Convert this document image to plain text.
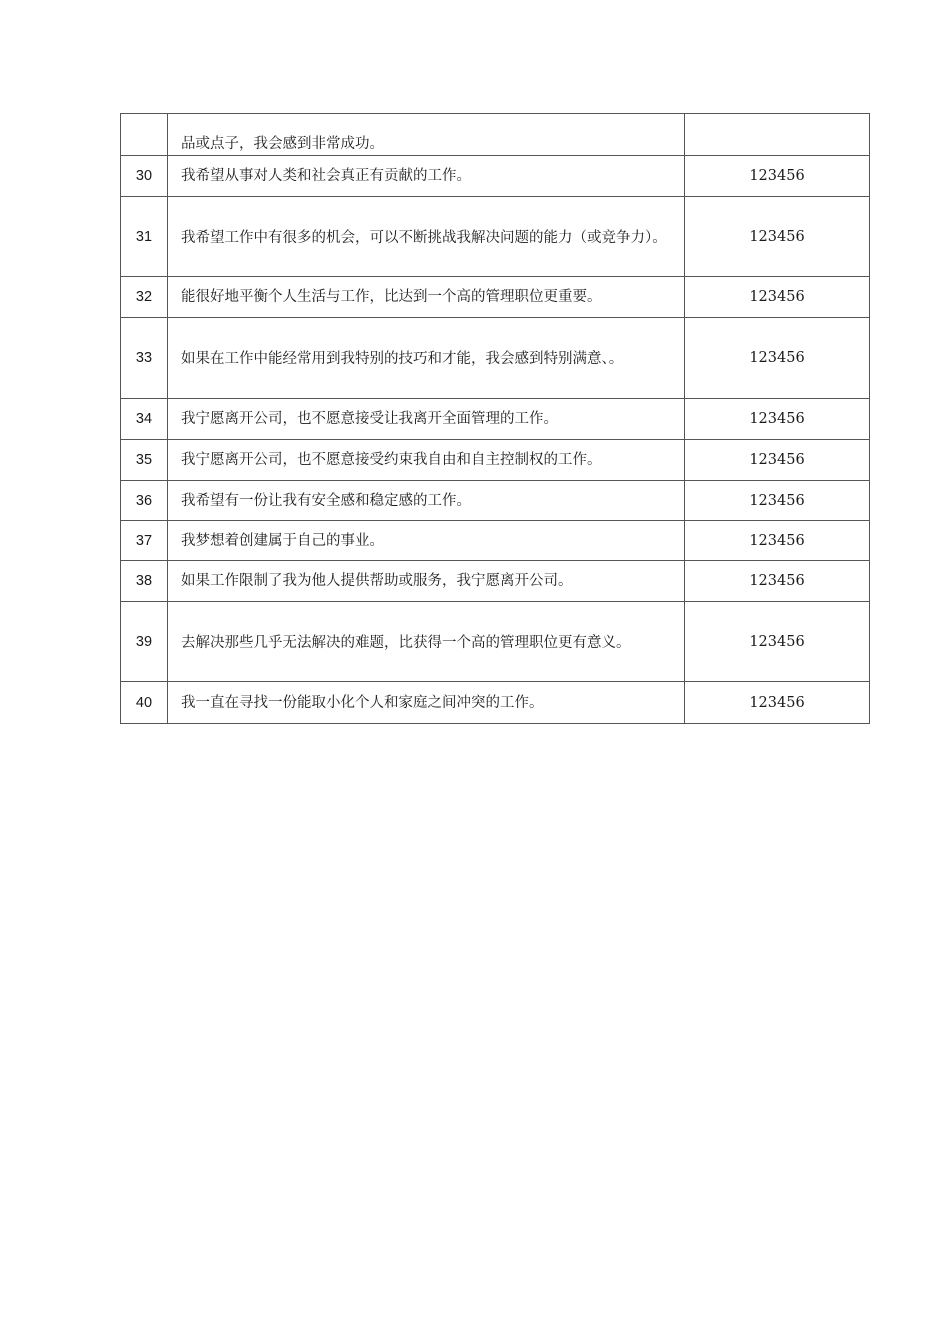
	品或点子，我会感到非常成功。	

30	我希望从事对人类和社会真正有贡献的工作。	123456
31	我希望工作中有很多的机会，可以不断挑战我解决问题的能力（或竞争力）。	123456
32	能很好地平衡个人生活与工作，比达到一个高的管理职位更重要。	123456
33	如果在工作中能经常用到我特别的技巧和才能，我会感到特别满意、。	123456
34	我宁愿离开公司，也不愿意接受让我离开全面管理的工作。	123456
35	我宁愿离开公司，也不愿意接受约束我自由和自主控制权的工作。	123456
36	我希望有一份让我有安全感和稳定感的工作。	123456
37	我梦想着创建属于自己的事业。	123456
38	如果工作限制了我为他人提供帮助或服务，我宁愿离开公司。	123456
39	去解决那些几乎无法解决的难题，比获得一个高的管理职位更有意义。	123456
40	我一直在寻找一份能取小化个人和家庭之间冲突的工作。	123456
